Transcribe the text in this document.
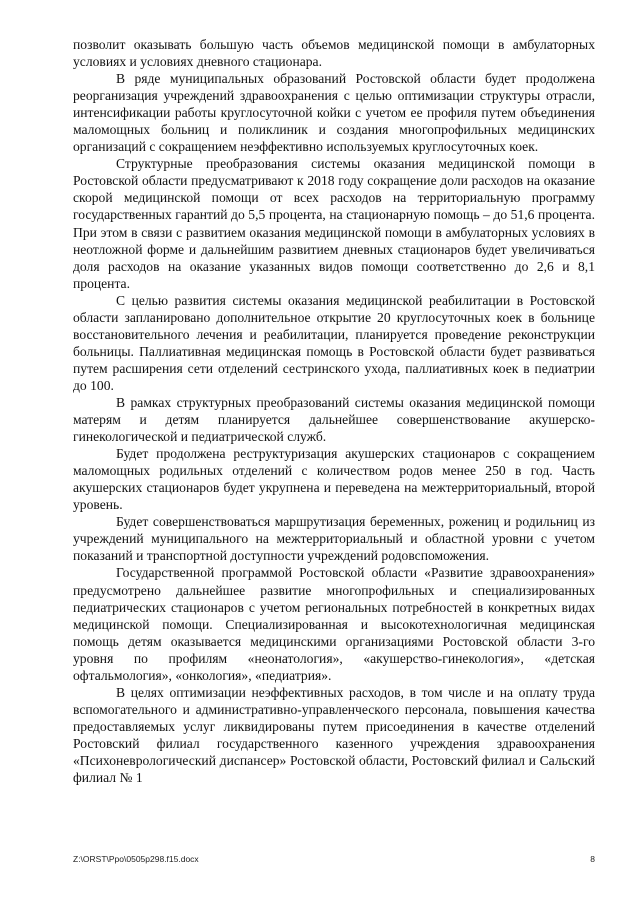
позволит оказывать большую часть объемов медицинской помощи в амбулаторных условиях и условиях дневного стационара.

В ряде муниципальных образований Ростовской области будет продолжена реорганизация учреждений здравоохранения с целью оптимизации структуры отрасли, интенсификации работы круглосуточной койки с учетом ее профиля путем объединения маломощных больниц и поликлиник и создания многопрофильных медицинских организаций с сокращением неэффективно используемых круглосуточных коек.

Структурные преобразования системы оказания медицинской помощи в Ростовской области предусматривают к 2018 году сокращение доли расходов на оказание скорой медицинской помощи от всех расходов на территориальную программу государственных гарантий до 5,5 процента, на стационарную помощь – до 51,6 процента. При этом в связи с развитием оказания медицинской помощи в амбулаторных условиях в неотложной форме и дальнейшим развитием дневных стационаров будет увеличиваться доля расходов на оказание указанных видов помощи соответственно до 2,6 и 8,1 процента.

С целью развития системы оказания медицинской реабилитации в Ростовской области запланировано дополнительное открытие 20 круглосуточных коек в больнице восстановительного лечения и реабилитации, планируется проведение реконструкции больницы. Паллиативная медицинская помощь в Ростовской области будет развиваться путем расширения сети отделений сестринского ухода, паллиативных коек в педиатрии до 100.

В рамках структурных преобразований системы оказания медицинской помощи матерям и детям планируется дальнейшее совершенствование акушерско-гинекологической и педиатрической служб.

Будет продолжена реструктуризация акушерских стационаров с сокращением маломощных родильных отделений с количеством родов менее 250 в год. Часть акушерских стационаров будет укрупнена и переведена на межтерриториальный, второй уровень.

Будет совершенствоваться маршрутизация беременных, рожениц и родильниц из учреждений муниципального на межтерриториальный и областной уровни с учетом показаний и транспортной доступности учреждений родовспоможения.

Государственной программой Ростовской области «Развитие здравоохранения» предусмотрено дальнейшее развитие многопрофильных и специализированных педиатрических стационаров с учетом региональных потребностей в конкретных видах медицинской помощи. Специализированная и высокотехнологичная медицинская помощь детям оказывается медицинскими организациями Ростовской области 3-го уровня по профилям «неонатология», «акушерство-гинекология», «детская офтальмология», «онкология», «педиатрия».

В целях оптимизации неэффективных расходов, в том числе и на оплату труда вспомогательного и административно-управленческого персонала, повышения качества предоставляемых услуг ликвидированы путем присоединения в качестве отделений Ростовский филиал государственного казенного учреждения здравоохранения «Психоневрологический диспансер» Ростовской области, Ростовский филиал и Сальский филиал № 1

Z:\ORST\Ppo\0505p298.f15.docx	8
